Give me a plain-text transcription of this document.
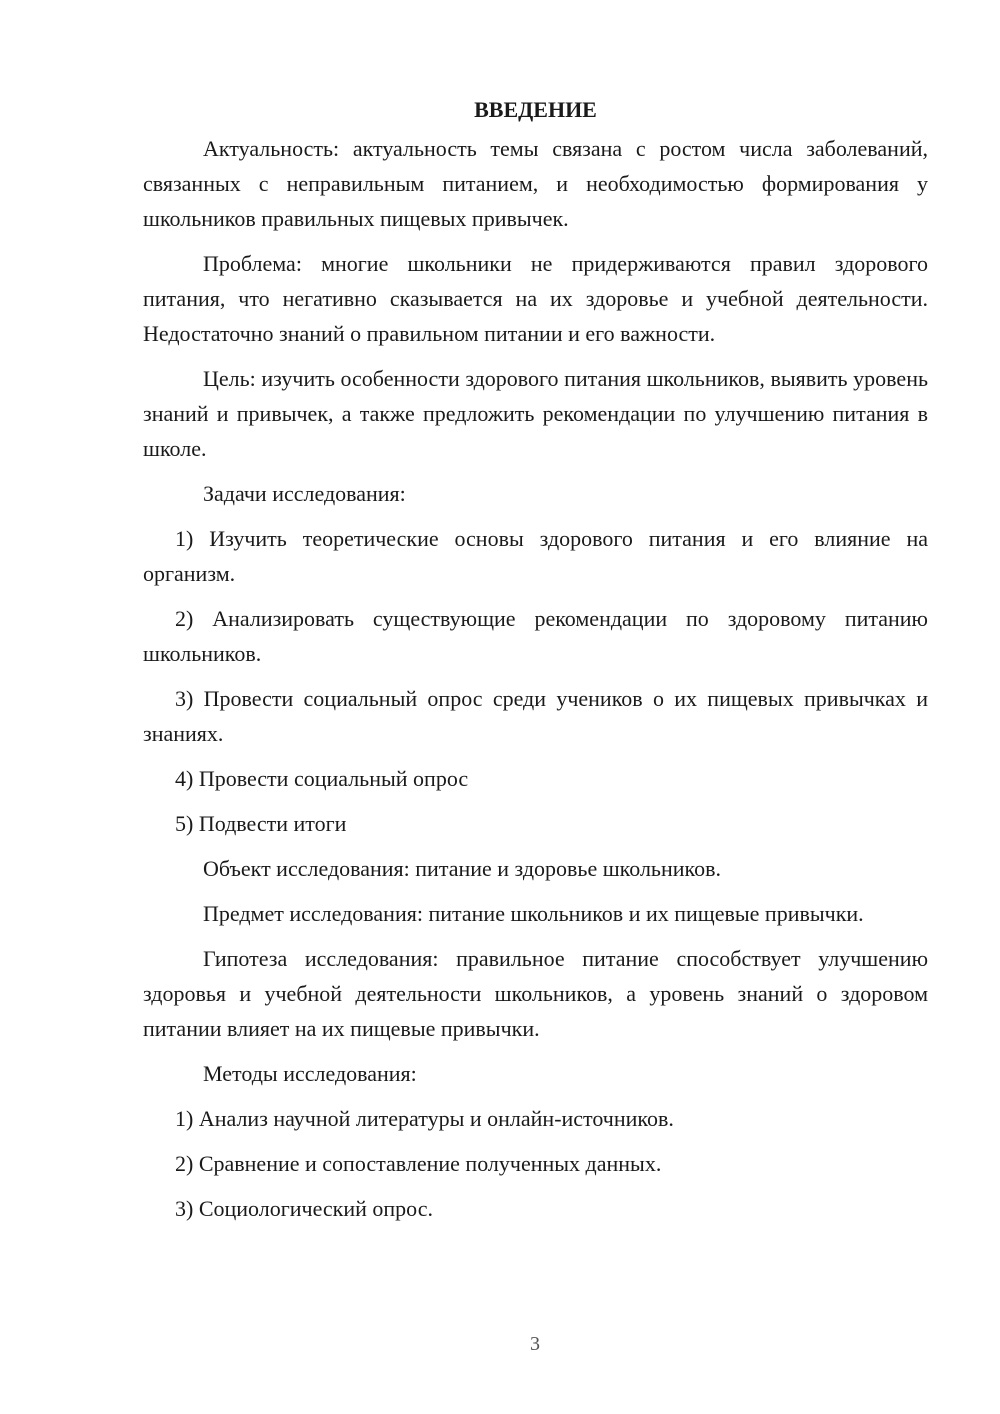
ВВЕДЕНИЕ

Актуальность: актуальность темы связана с ростом числа заболеваний, связанных с неправильным питанием, и необходимостью формирования у школьников правильных пищевых привычек.

Проблема: многие школьники не придерживаются правил здорового питания, что негативно сказывается на их здоровье и учебной деятельности. Недостаточно знаний о правильном питании и его важности.

Цель: изучить особенности здорового питания школьников, выявить уровень знаний и привычек, а также предложить рекомендации по улучшению питания в школе.

Задачи исследования:

1) Изучить теоретические основы здорового питания и его влияние на организм.

2) Анализировать существующие рекомендации по здоровому питанию школьников.

3) Провести социальный опрос среди учеников о их пищевых привычках и знаниях.

4) Провести социальный опрос

5) Подвести итоги

Объект исследования: питание и здоровье школьников.

Предмет исследования: питание школьников и их пищевые привычки.

Гипотеза исследования: правильное питание способствует улучшению здоровья и учебной деятельности школьников, а уровень знаний о здоровом питании влияет на их пищевые привычки.

Методы исследования:

1) Анализ научной литературы и онлайн-источников.

2) Сравнение и сопоставление полученных данных.

3) Социологический опрос.

3
